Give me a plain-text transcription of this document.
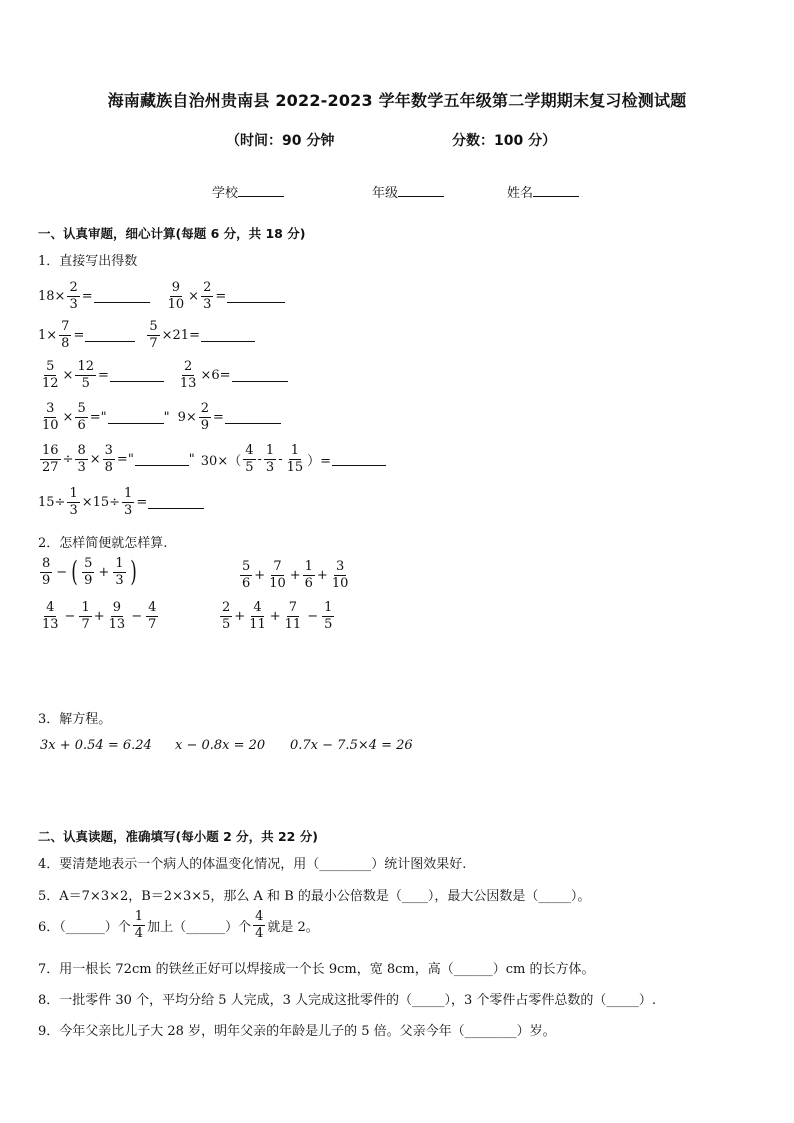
海南藏族自治州贵南县 2022-2023 学年数学五年级第二学期期末复习检测试题
（时间：90 分钟	分数：100 分）
学校	年级	姓名
一、认真审题，细心计算(每题 6 分，共 18 分)
1．直接写出得数
$18\times \frac{2}{3}$ =	$\frac{9}{10} \times \frac{2}{3}$ =
$1\times \frac{7}{8}$ =	$\frac{5}{7} \times 21=$
$\frac{5}{12} \times \frac{12}{5}$ =	$\frac{2}{13} \times 6=$
$\frac{3}{10} \times \frac{5}{6}$ ="	" $9\times \frac{2}{9}$ =
$\frac{16}{27} \div \frac{8}{3} \times \frac{3}{8}$ ="	" $30\times( \frac{4}{5} - \frac{1}{3} - \frac{1}{15}$ ）=
$15\div \frac{1}{3} \times 15\div \frac{1}{3}$ =
2．怎样简便就怎样算.
$\frac{8}{9}$ − ( $\frac{5}{9} + \frac{1}{3}$ )	$\frac{5}{6} + \frac{7}{10} + \frac{1}{6} + \frac{3}{10}$
$\frac{4}{13} - \frac{1}{7} + \frac{9}{13} - \frac{4}{7}$	$\frac{2}{5} + \frac{4}{11} + \frac{7}{11} - \frac{1}{5}$
3．解方程。
3x + 0.54 = 6.24 x − 0.8x = 20 0.7x − 7.5×4 = 26
二、认真读题，准确填写(每小题 2 分，共 22 分)
4．要清楚地表示一个病人的体温变化情况，用（________）统计图效果好.
5．A＝7×3×2，B＝2×3×5，那么 A 和 B 的最小公倍数是（____），最大公因数是（_____）。
6．（______）个 $\frac{1}{4}$ 加上（______）个 $\frac{4}{4}$ 就是 2。
7．用一根长 72cm 的铁丝正好可以焊接成一个长 9cm，宽 8cm，高（______）cm 的长方体。
8．一批零件 30 个，平均分给 5 人完成，3 人完成这批零件的（_____），3 个零件占零件总数的（_____）.
9．今年父亲比儿子大 28 岁，明年父亲的年龄是儿子的 5 倍。父亲今年（________）岁。
